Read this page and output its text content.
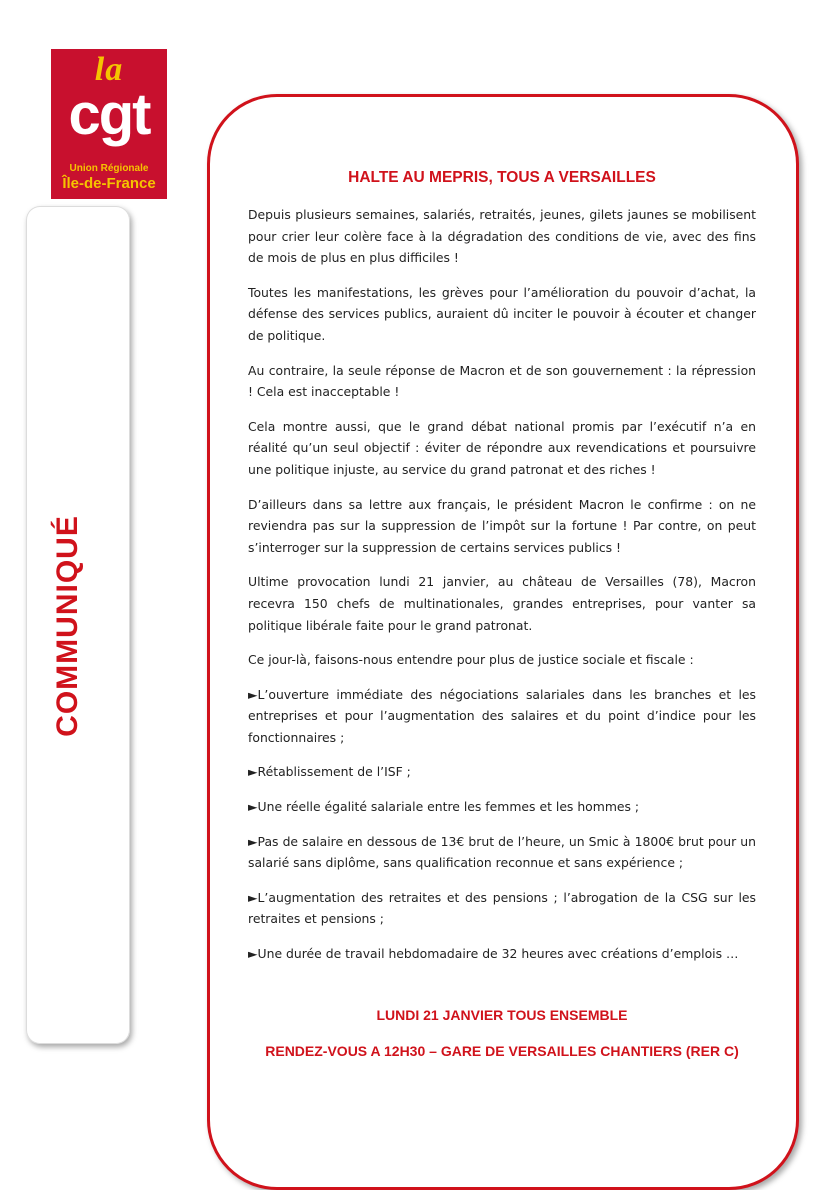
la
cgt
Union Régionale
Île-de-France
COMMUNIQUÉ
HALTE AU MEPRIS, TOUS A VERSAILLES

Depuis plusieurs semaines, salariés, retraités, jeunes, gilets jaunes se mobilisent pour crier leur colère face à la dégradation des conditions de vie, avec des fins de mois de plus en plus difficiles !

Toutes les manifestations, les grèves pour l’amélioration du pouvoir d’achat, la défense des services publics, auraient dû inciter le pouvoir à écouter et changer de politique.

Au contraire, la seule réponse de Macron et de son gouvernement : la répression ! Cela est inacceptable !

Cela montre aussi, que le grand débat national promis par l’exécutif n’a en réalité qu’un seul objectif : éviter de répondre aux revendications et poursuivre une politique injuste, au service du grand patronat et des riches !

D’ailleurs dans sa lettre aux français, le président Macron le confirme : on ne reviendra pas sur la suppression de l’impôt sur la fortune ! Par contre, on peut s’interroger sur la suppression de certains services publics !

Ultime provocation lundi 21 janvier, au château de Versailles (78), Macron recevra 150 chefs de multinationales, grandes entreprises, pour vanter sa politique libérale faite pour le grand patronat.

Ce jour-là, faisons-nous entendre pour plus de justice sociale et fiscale :

►L’ouverture immédiate des négociations salariales dans les branches et les entreprises et pour l’augmentation des salaires et du point d’indice pour les fonctionnaires ;

►Rétablissement de l’ISF ;

►Une réelle égalité salariale entre les femmes et les hommes ;

►Pas de salaire en dessous de 13€ brut de l’heure, un Smic à 1800€ brut pour un salarié sans diplôme, sans qualification reconnue et sans expérience ;

►L’augmentation des retraites et des pensions ; l’abrogation de la CSG sur les retraites et pensions ;

►Une durée de travail hebdomadaire de 32 heures avec créations d’emplois …

LUNDI 21 JANVIER TOUS ENSEMBLE
RENDEZ-VOUS A 12H30 – GARE DE VERSAILLES CHANTIERS (RER C)
